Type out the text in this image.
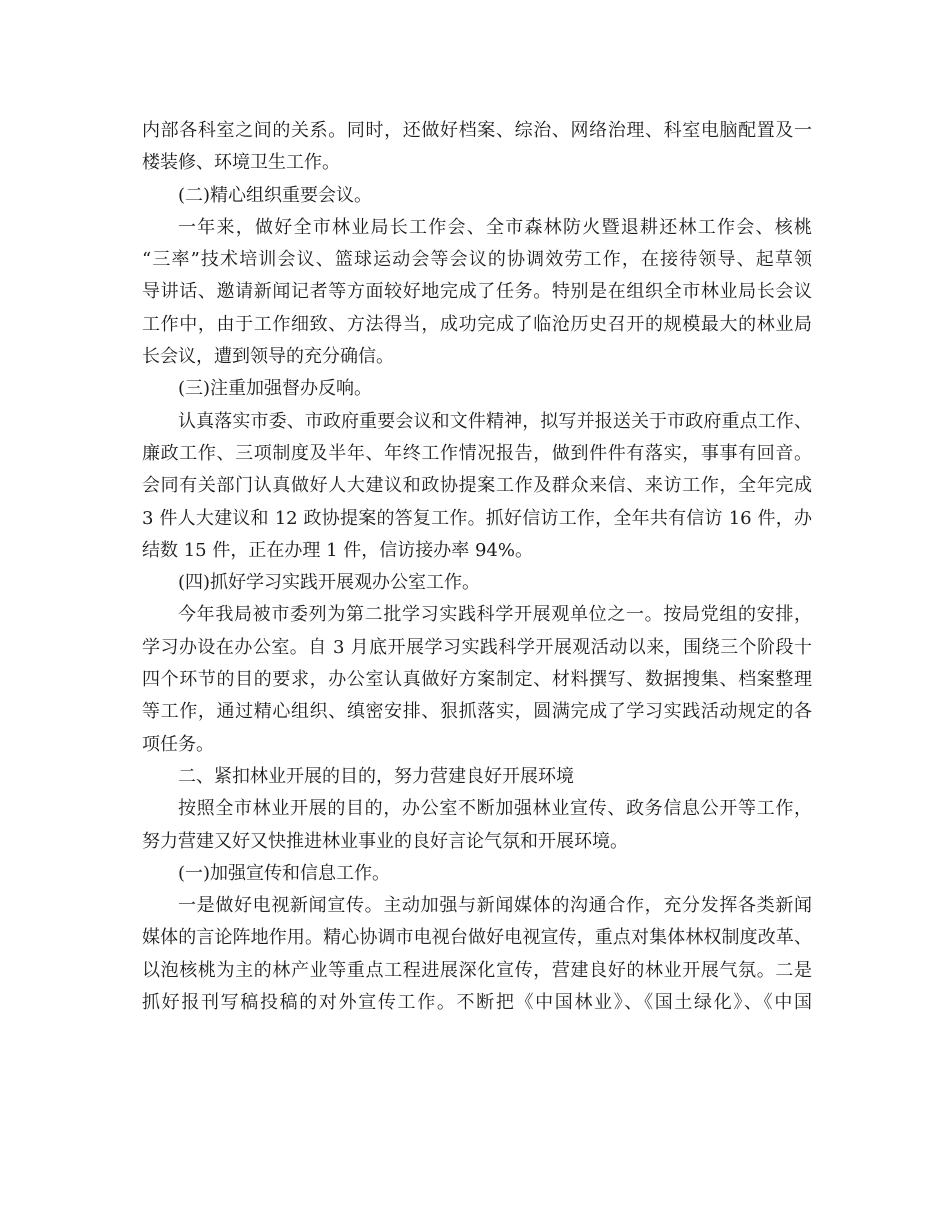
内部各科室之间的关系。同时，还做好档案、综治、网络治理、科室电脑配置及一
楼装修、环境卫生工作。
(二)精心组织重要会议。
一年来，做好全市林业局长工作会、全市森林防火暨退耕还林工作会、核桃
“三率”技术培训会议、篮球运动会等会议的协调效劳工作，在接待领导、起草领
导讲话、邀请新闻记者等方面较好地完成了任务。特别是在组织全市林业局长会议
工作中，由于工作细致、方法得当，成功完成了临沧历史召开的规模最大的林业局
长会议，遭到领导的充分确信。
(三)注重加强督办反响。
认真落实市委、市政府重要会议和文件精神，拟写并报送关于市政府重点工作、
廉政工作、三项制度及半年、年终工作情况报告，做到件件有落实，事事有回音。
会同有关部门认真做好人大建议和政协提案工作及群众来信、来访工作，全年完成
3 件人大建议和 12 政协提案的答复工作。抓好信访工作，全年共有信访 16 件，办
结数 15 件，正在办理 1 件，信访接办率 94%。
(四)抓好学习实践开展观办公室工作。
今年我局被市委列为第二批学习实践科学开展观单位之一。按局党组的安排，
学习办设在办公室。自 3 月底开展学习实践科学开展观活动以来，围绕三个阶段十
四个环节的目的要求，办公室认真做好方案制定、材料撰写、数据搜集、档案整理
等工作，通过精心组织、缜密安排、狠抓落实，圆满完成了学习实践活动规定的各
项任务。
二、紧扣林业开展的目的，努力营建良好开展环境
按照全市林业开展的目的，办公室不断加强林业宣传、政务信息公开等工作，
努力营建又好又快推进林业事业的良好言论气氛和开展环境。
(一)加强宣传和信息工作。
一是做好电视新闻宣传。主动加强与新闻媒体的沟通合作，充分发挥各类新闻
媒体的言论阵地作用。精心协调市电视台做好电视宣传，重点对集体林权制度改革、
以泡核桃为主的林产业等重点工程进展深化宣传，营建良好的林业开展气氛。二是
抓好报刊写稿投稿的对外宣传工作。不断把《中国林业》、《国土绿化》、《中国
